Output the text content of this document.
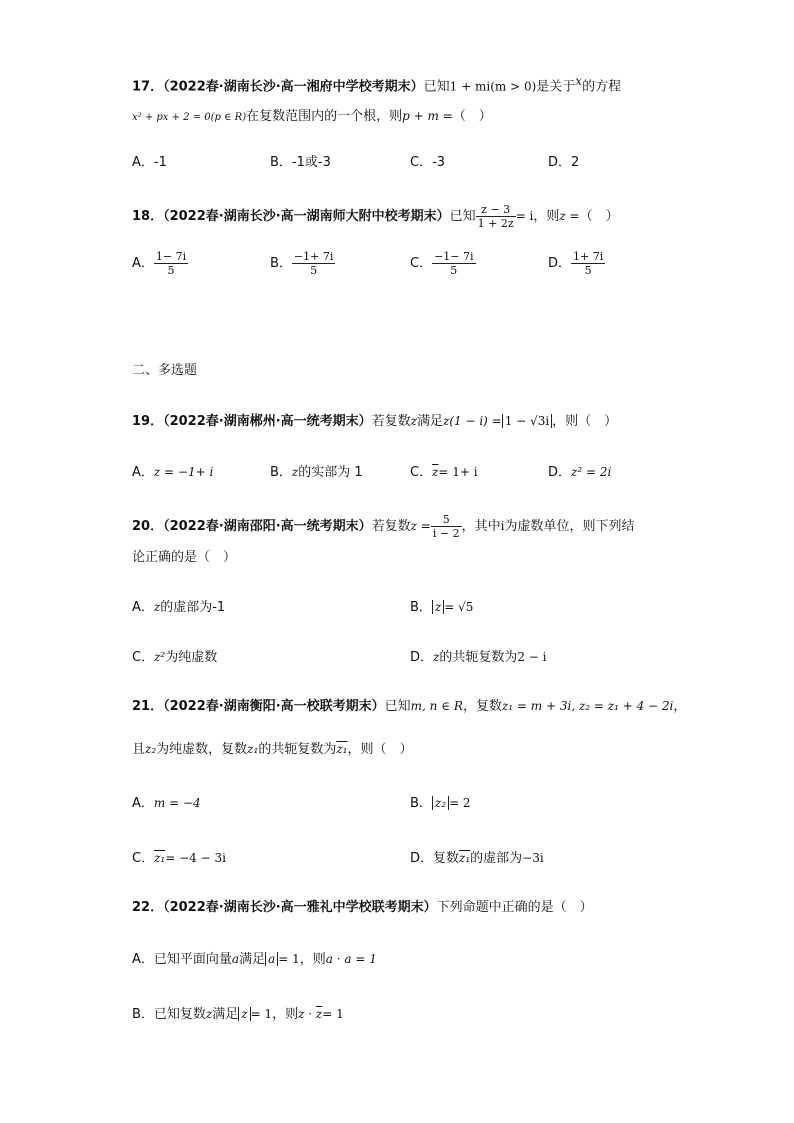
17．（2022春·湖南长沙·高一湘府中学校考期末）已知1 + mi(m > 0)是关于$^x$的方程
x² + px + 2 = 0(p ∈ R)在复数范围内的一个根，则p + m =（　）
A．-1	B．-1或-3	C．-3	D．2
18．（2022春·湖南长沙·高一湖南师大附中校考期末）已知 $\frac{z - 3}{1 + 2z} = i$，则z =（　）
A． $\frac{1- 7i}{5}$	B． $\frac{-1+ 7i}{5}$	C． $\frac{-1- 7i}{5}$	D． $\frac{1+ 7i}{5}$
二、多选题
19．（2022春·湖南郴州·高一统考期末）若复数z满足z(1 − i) = 1 − √3i ，则（　）
A．z = −1+ i	B．z的实部为 1	C．$\overline{z}= 1+ i$	D．z² = 2i
20．（2022春·湖南邵阳·高一统考期末）若复数$z = \frac{5}{i - 2}$ ，其中i为虚数单位，则下列结
论正确的是（　）
A．z的虚部为-1	B． z = √5
C．z²为纯虚数	D．z的共轭复数为2 − i
21．（2022春·湖南衡阳·高一校联考期末）已知m, n ∈ R，复数z₁ = m + 3i, z₂ = z₁ + 4 − 2i，
且z₂为纯虚数，复数z₁的共轭复数为z₁，则（　）
A．m = −4	B． z₂ = 2
C．z₁= −4 − 3i	D．复数z₁的虚部为−3i
22．（2022春·湖南长沙·高一雅礼中学校联考期末）下列命题中正确的是（　）
A．已知平面向量a满足 a = 1，则a · a = 1
B．已知复数z满足 z = 1，则$z \cdot \overline{z}= 1$
